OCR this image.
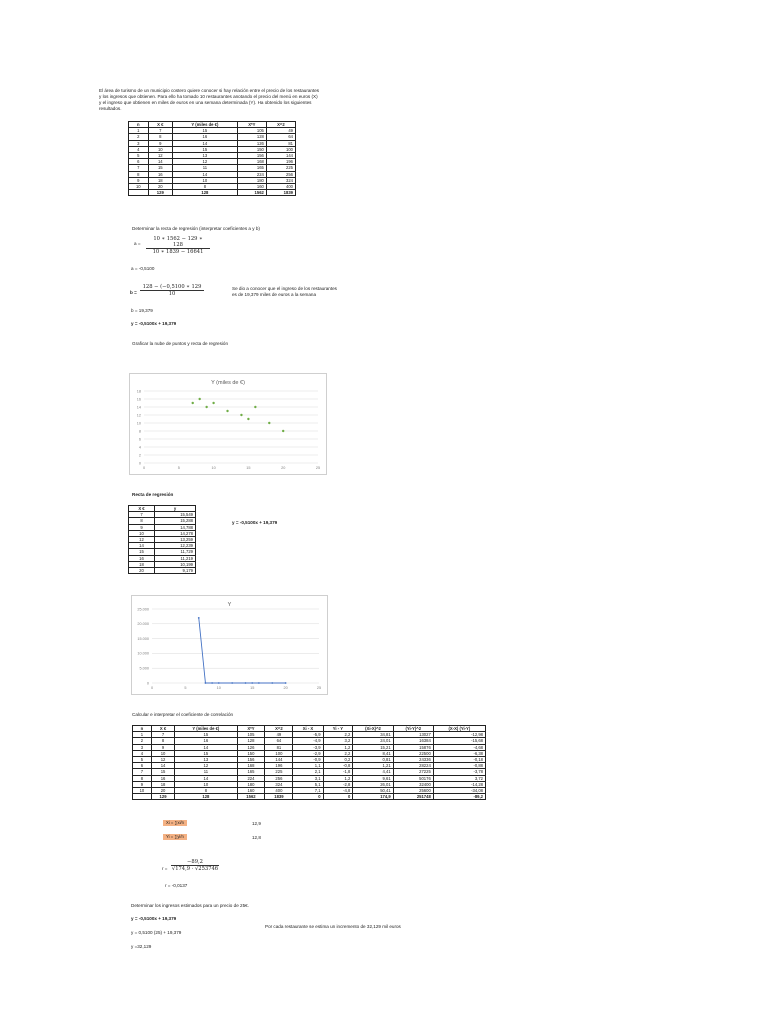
El área de turismo de un municipio costero quiere conocer si hay relación entre el precio de los restaurantes
y los ingresos que obtienen. Para ello ha tomado 10 restaurantes anotando el precio del menú en euros (X)
y el ingreso que obtienen en miles de euros en una semana determinada (Y). Ha obtenido los siguientes
resultados.
n	X €	Y (miles de €)	X*Y	X^2
1	7	15	105	49
2	8	16	128	64
3	9	14	126	81
4	10	15	150	100
5	12	13	156	144
6	14	12	168	196
7	15	11	165	225
8	16	14	224	256
9	18	10	180	324
10	20	8	160	400
	129	128	1562	1839
Determinar la recta de regresión (interpretar coeficientes a y b)
$a = \frac{10 ∗ 1562 - 129 ∗ 128}{10 ∗ 1839 - 16641}$
a = -0,5100
$b = \frac{128 - (-0,5100 ∗ 129}{10}$	Se dio a conocer que el ingreso de los restaurantes
es de 19,379 miles de euros a la semana
b = 19,379
y = -0,5100x + 19,379
Graficar la nube de puntos y recta de regresión
Y (miles de €)
0
2
4
6
8
10
12
14
16
18
0	5	10	15	20	25
Recta de regresión
X €	y
7	15,549
8	15,288
9	14,788
10	14,278
12	13,259
14	12,239
15	11,729
16	11,219
18	10,199
20	9,179
y = -0,5100x + 19,379
Y
0
5.000
10.000
15.000
20.000
25.000
0	5	10	15	20	25
Calcular e interpretar el coeficiente de correlación
n	X €	Y (miles de €)	X*Y	X^2	Xi - X	Yi - Y	(Xi-X)^2	(Yi-Y)^2	(X-X) (Yi-Y)
1	7	15	105	49	-5,9	2,2	34,81	13027	-12,98
2	8	16	128	64	-4,9	3,2	24,01	16384	-15,68
3	9	14	126	81	-3,9	1,2	15,21	15876	-4,68
4	10	15	150	100	-2,9	2,2	8,41	22500	-6,38
5	12	13	156	144	-0,9	0,2	0,81	24336	-0,18
6	14	12	168	196	1,1	-0,8	1,21	28224	-0,88
7	15	11	165	225	2,1	-1,8	4,41	27225	-3,78
8	16	14	224	256	3,1	1,2	9,61	50176	3,72
9	18	10	180	324	5,1	-2,8	26,01	32400	-14,28
10	20	8	160	400	7,1	-4,8	50,41	25600	-34,08
	129	128	1562	1839	0	0	174,9	251748	-89,2
Xi = ∑xi/n	12,9
Yi = ∑yi/n	12,8
$r = \frac{-89,2}{√174,9 \cdot √253746}$
r = -0,0137
Determinar los ingresos estimados para un precio de 25€.
y = -0,5100x + 19,379
Por cada restaurante se estima un incremento de 32,129 mil euros
y = 0,5100 (25) + 19,379
y =32,129
